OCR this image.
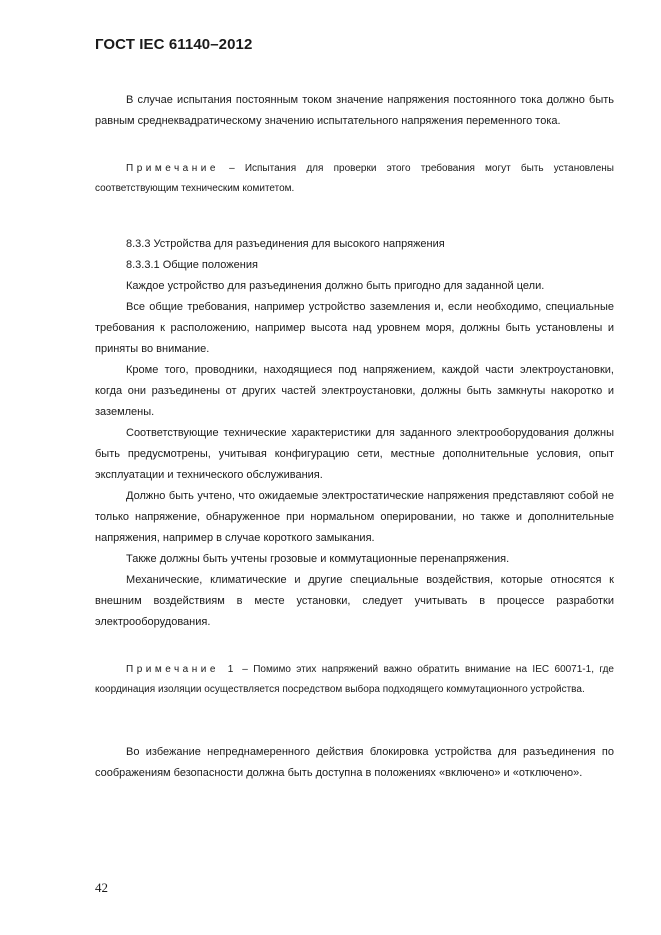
ГОСТ IEC 61140–2012

В случае испытания постоянным током значение напряжения постоянного тока должно быть равным среднеквадратическому значению испытательного напряжения переменного тока.

Примечание – Испытания для проверки этого требования могут быть установлены соответствующим техническим комитетом.

8.3.3 Устройства для разъединения для высокого напряжения

8.3.3.1 Общие положения

Каждое устройство для разъединения должно быть пригодно для заданной цели.

Все общие требования, например устройство заземления и, если необходимо, специальные требования к расположению, например высота над уровнем моря, должны быть установлены и приняты во внимание.

Кроме того, проводники, находящиеся под напряжением, каждой части электроустановки, когда они разъединены от других частей электроустановки, должны быть замкнуты накоротко и заземлены.

Соответствующие технические характеристики для заданного электрооборудования должны быть предусмотрены, учитывая конфигурацию сети, местные дополнительные условия, опыт эксплуатации и технического обслуживания.

Должно быть учтено, что ожидаемые электростатические напряжения представляют собой не только напряжение, обнаруженное при нормальном оперировании, но также и дополнительные напряжения, например в случае короткого замыкания.

Также должны быть учтены грозовые и коммутационные перенапряжения.

Механические, климатические и другие специальные воздействия, которые относятся к внешним воздействиям в месте установки, следует учитывать в процессе разработки электрооборудования.

Примечание 1 – Помимо этих напряжений важно обратить внимание на IEC 60071-1, где координация изоляции осуществляется посредством выбора подходящего коммутационного устройства.

Во избежание непреднамеренного действия блокировка устройства для разъединения по соображениям безопасности должна быть доступна в положениях «включено» и «отключено».

42
